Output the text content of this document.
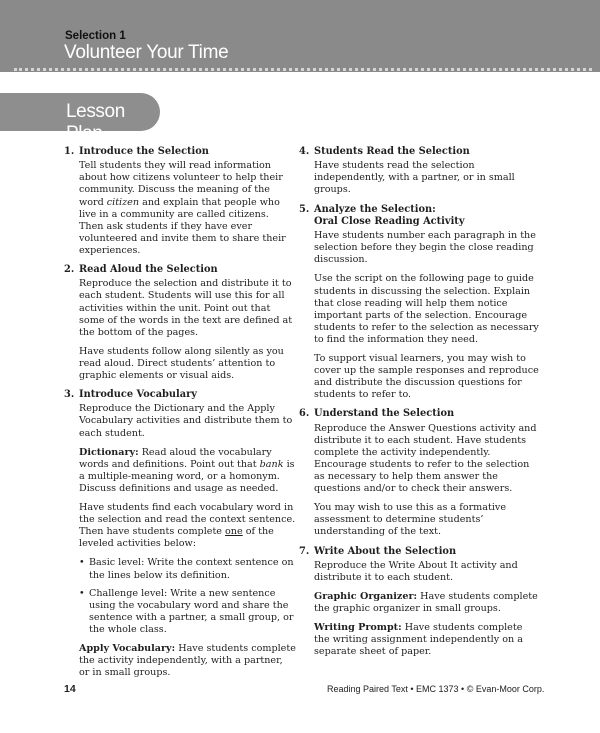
Selection 1
Volunteer Your Time
Lesson Plan
1. Introduce the Selection

Tell students they will read information about how citizens volunteer to help their community. Discuss the meaning of the word citizen and explain that people who live in a community are called citizens. Then ask students if they have ever volunteered and invite them to share their experiences.

2. Read Aloud the Selection

Reproduce the selection and distribute it to each student. Students will use this for all activities within the unit. Point out that some of the words in the text are defined at the bottom of the pages.

Have students follow along silently as you read aloud. Direct students’ attention to graphic elements or visual aids.

3. Introduce Vocabulary

Reproduce the Dictionary and the Apply Vocabulary activities and distribute them to each student.

Dictionary: Read aloud the vocabulary words and definitions. Point out that bank is a multiple-meaning word, or a homonym. Discuss definitions and usage as needed.

Have students find each vocabulary word in the selection and read the context sentence. Then have students complete one of the leveled activities below:

• Basic level: Write the context sentence on the lines below its definition.
• Challenge level: Write a new sentence using the vocabulary word and share the sentence with a partner, a small group, or the whole class.

Apply Vocabulary: Have students complete the activity independently, with a partner, or in small groups.

4. Students Read the Selection

Have students read the selection independently, with a partner, or in small groups.

5. Analyze the Selection:
Oral Close Reading Activity

Have students number each paragraph in the selection before they begin the close reading discussion.

Use the script on the following page to guide students in discussing the selection. Explain that close reading will help them notice important parts of the selection. Encourage students to refer to the selection as necessary to find the information they need.

To support visual learners, you may wish to cover up the sample responses and reproduce and distribute the discussion questions for students to refer to.

6. Understand the Selection

Reproduce the Answer Questions activity and distribute it to each student. Have students complete the activity independently. Encourage students to refer to the selection as necessary to help them answer the questions and/or to check their answers.

You may wish to use this as a formative assessment to determine students’ understanding of the text.

7. Write About the Selection

Reproduce the Write About It activity and distribute it to each student.

Graphic Organizer: Have students complete the graphic organizer in small groups.

Writing Prompt: Have students complete the writing assignment independently on a separate sheet of paper.

14	Reading Paired Text • EMC 1373 • © Evan-Moor Corp.
